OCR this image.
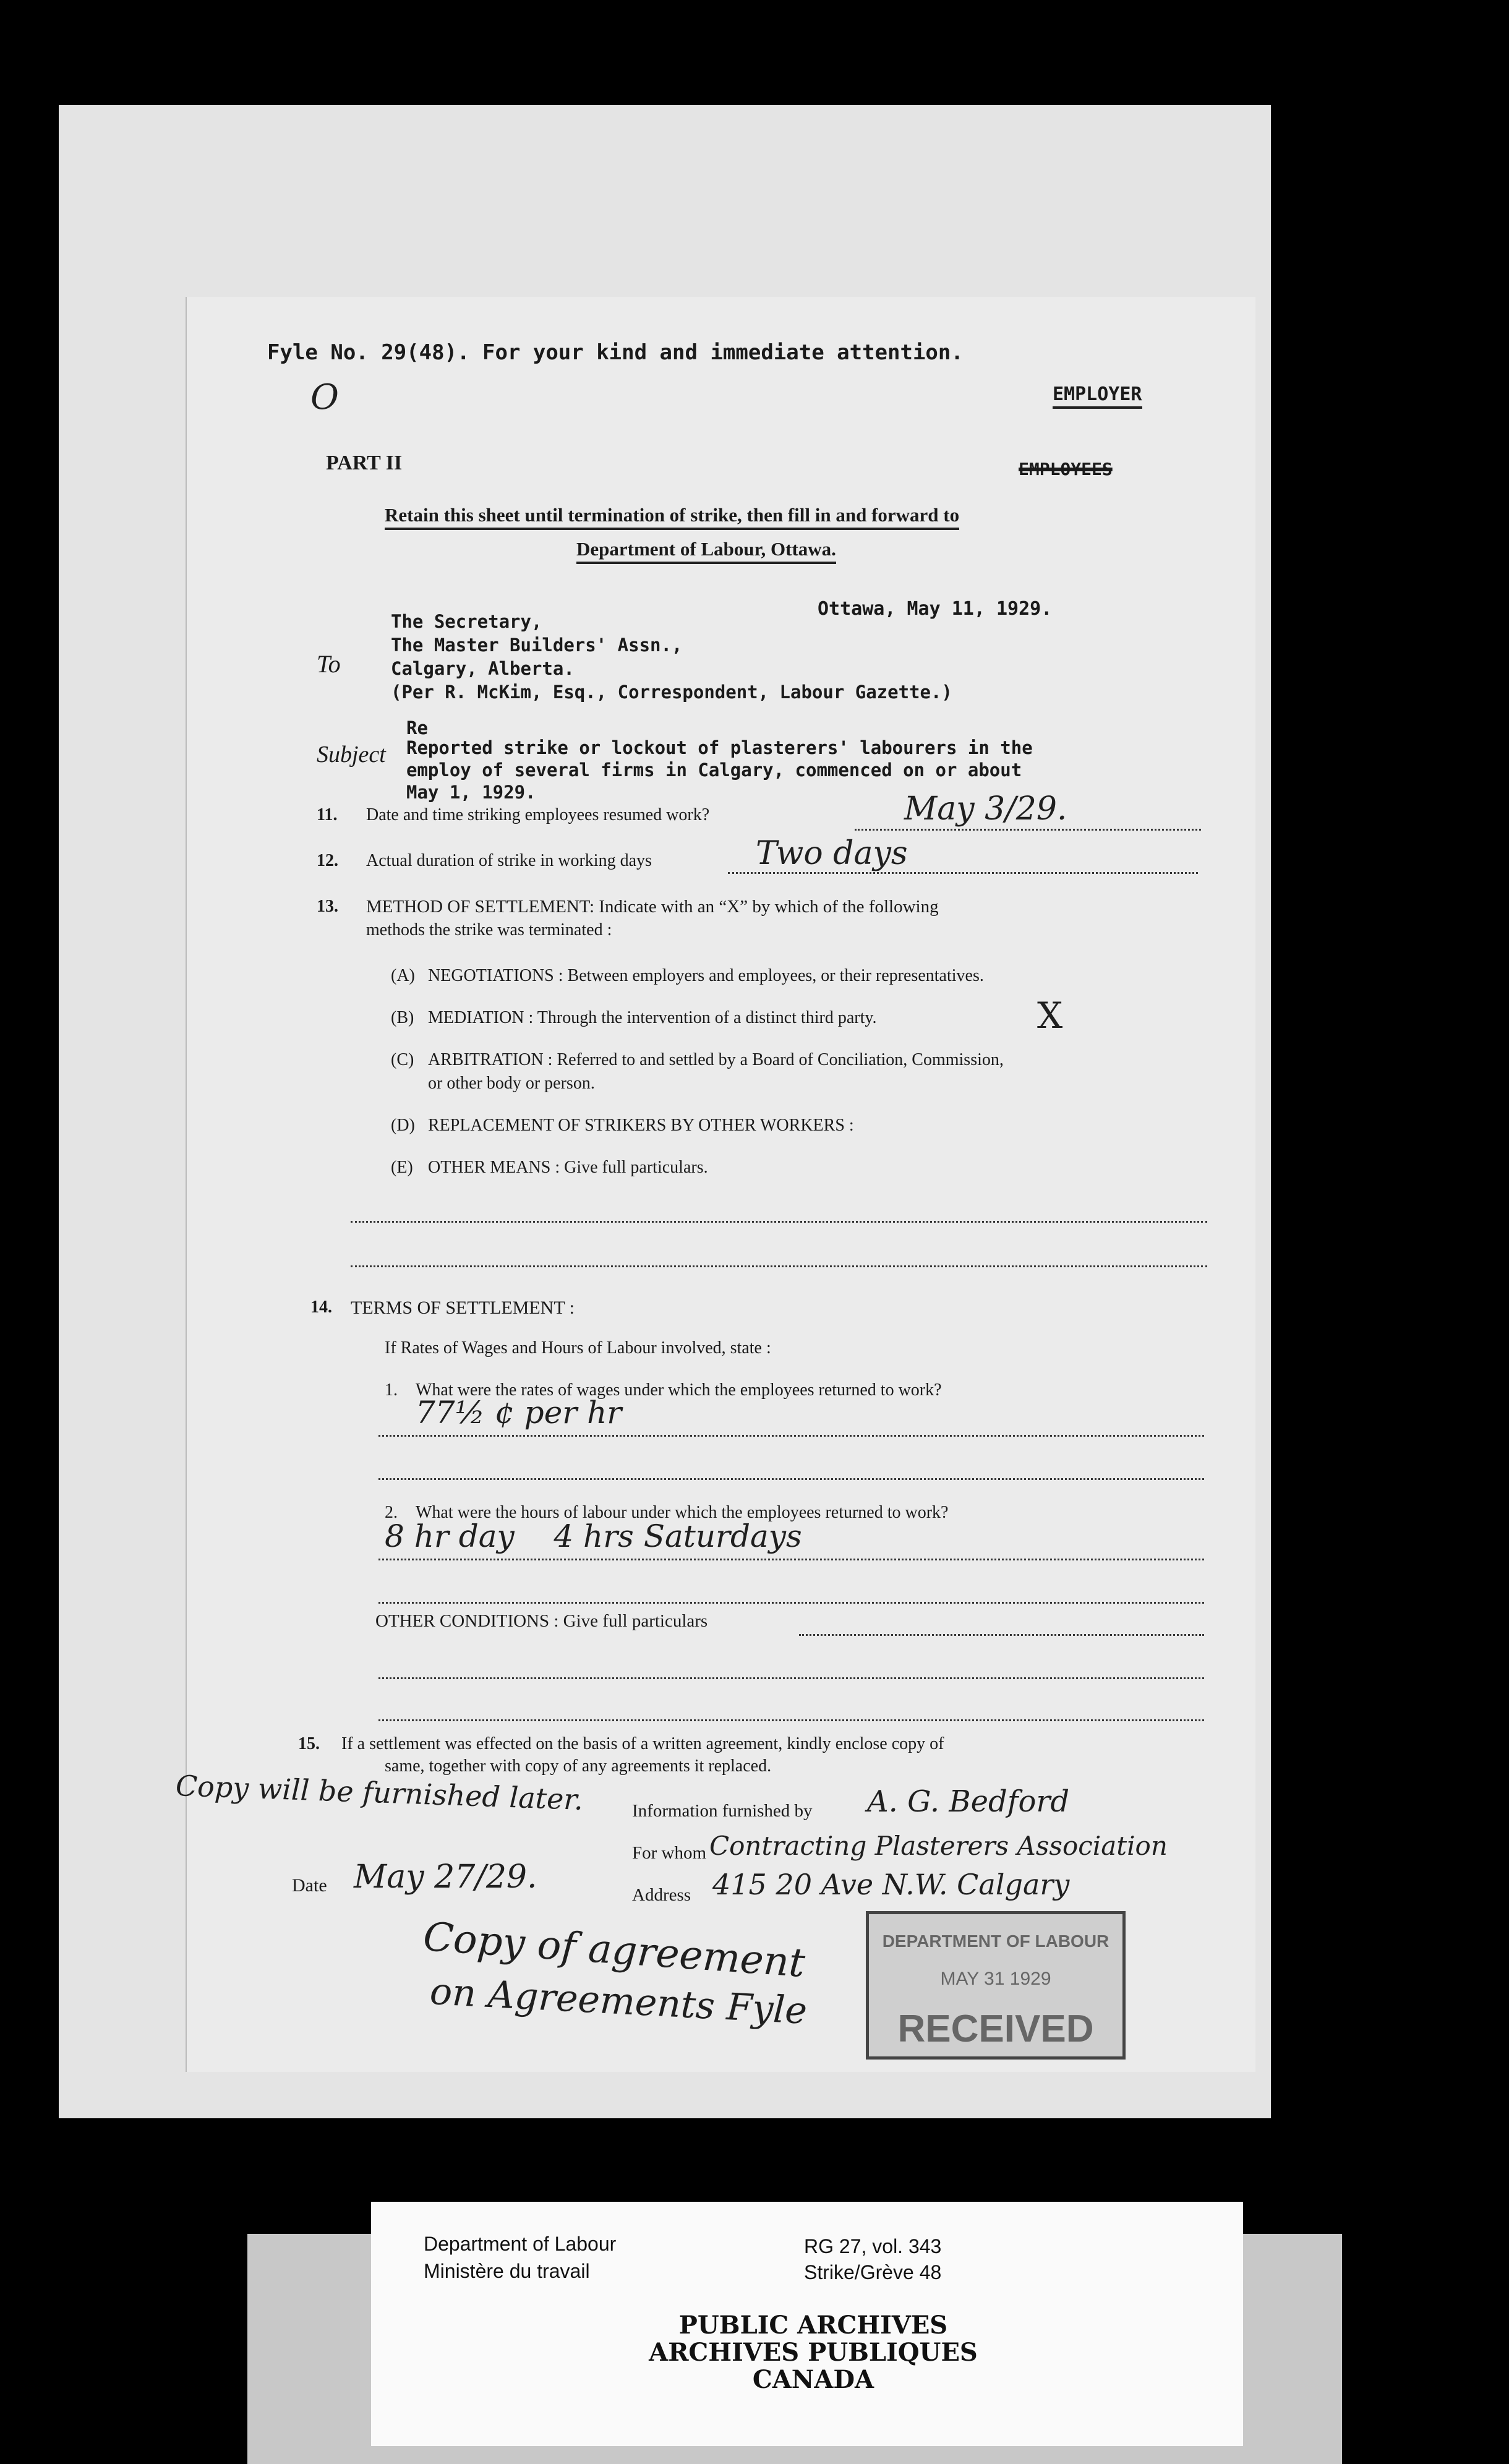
Fyle No. 29(48). For your kind and immediate attention.
EMPLOYER
O
PART II	EMPLOYEES
Retain this sheet until termination of strike, then fill in and forward to
Department of Labour, Ottawa.
Ottawa, May 11, 1929.
The Secretary,
The Master Builders' Assn.,
To	Calgary, Alberta.
(Per R. McKim, Esq., Correspondent, Labour Gazette.)
Re
Subject Reported strike or lockout of plasterers' labourers in the
employ of several firms in Calgary, commenced on or about
May 1, 1929.
11. Date and time striking employees resumed work?	May 3/29.
12. Actual duration of strike in working days	Two days
13. METHOD OF SETTLEMENT: Indicate with an “X” by which of the following
methods the strike was terminated :
(A) NEGOTIATIONS : Between employers and employees, or their representatives.
(B) MEDIATION : Through the intervention of a distinct third party.	X
(C) ARBITRATION : Referred to and settled by a Board of Conciliation, Commission,
or other body or person.
(D) REPLACEMENT OF STRIKERS BY OTHER WORKERS :
(E) OTHER MEANS : Give full particulars.
14. TERMS OF SETTLEMENT :
If Rates of Wages and Hours of Labour involved, state :
1. What were the rates of wages under which the employees returned to work?
77½ ¢ per hr
2. What were the hours of labour under which the employees returned to work?
8 hr day    4 hrs Saturdays
OTHER CONDITIONS : Give full particulars
15. If a settlement was effected on the basis of a written agreement, kindly enclose copy of
same, together with copy of any agreements it replaced.
Information furnished by A. G. Bedford
For whom Contracting Plasterers Association
Date May 27/29.	Address 415 20 Ave N.W. Calgary
Copy of agreement
on Agreements Fyle
Copy will be furnished later.
DEPARTMENT OF LABOUR
MAY 31 1929
RECEIVED
Department of Labour
Ministère du travail
RG 27, vol. 343
Strike/Grève 48
PUBLIC ARCHIVES
ARCHIVES PUBLIQUES
CANADA
